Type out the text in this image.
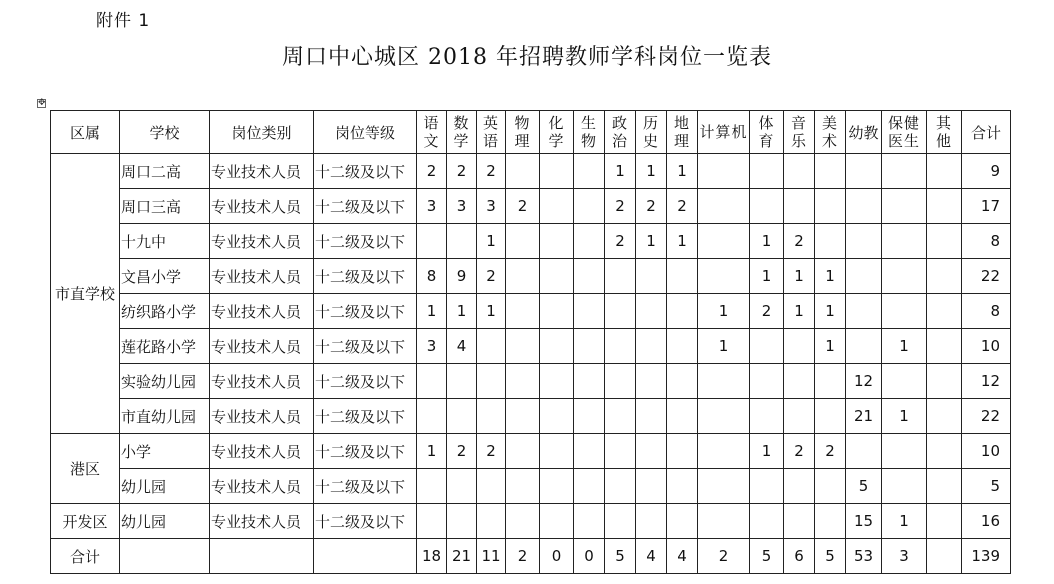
附件 1
周口中心城区 2018 年招聘教师学科岗位一览表
✥
区属	学校	岗位类别	岗位等级	语文	数学	英语	物理	化学	生物	政治	历史	地理	计算机	体育	音乐	美术	幼教	保健医生	其他	合计
市直学校	周口二高	专业技术人员	十二级及以下	2	2	2				1	1	1								9
	周口三高	专业技术人员	十二级及以下	3	3	3	2			2	2	2								17
	十九中	专业技术人员	十二级及以下			1				2	1	1		1	2					8
	文昌小学	专业技术人员	十二级及以下	8	9	2								1	1	1				22
	纺织路小学	专业技术人员	十二级及以下	1	1	1							1	2	1	1				8
	莲花路小学	专业技术人员	十二级及以下	3	4								1			1		1		10
	实验幼儿园	专业技术人员	十二级及以下														12			12
	市直幼儿园	专业技术人员	十二级及以下														21	1		22
港区	小学	专业技术人员	十二级及以下	1	2	2								1	2	2				10
	幼儿园	专业技术人员	十二级及以下														5			5
开发区	幼儿园	专业技术人员	十二级及以下														15	1		16
合计				18	21	11	2	0	0	5	4	4	2	5	6	5	53	3		139
